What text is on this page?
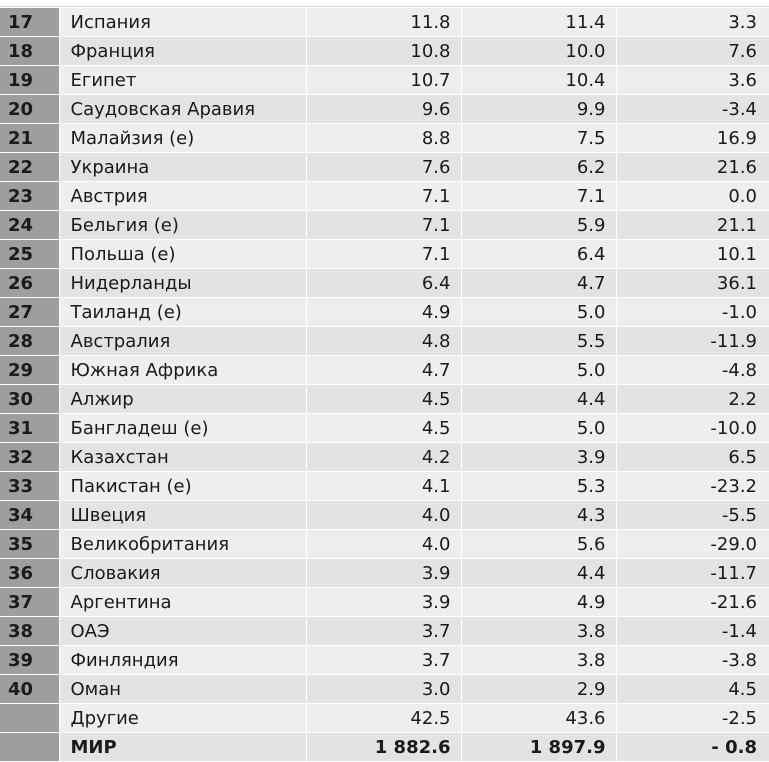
17	Испания	11.8	11.4	3.3
18	Франция	10.8	10.0	7.6
19	Египет	10.7	10.4	3.6
20	Саудовская Аравия	9.6	9.9	-3.4
21	Малайзия (е)	8.8	7.5	16.9
22	Украина	7.6	6.2	21.6
23	Австрия	7.1	7.1	0.0
24	Бельгия (е)	7.1	5.9	21.1
25	Польша (е)	7.1	6.4	10.1
26	Нидерланды	6.4	4.7	36.1
27	Таиланд (е)	4.9	5.0	-1.0
28	Австралия	4.8	5.5	-11.9
29	Южная Африка	4.7	5.0	-4.8
30	Алжир	4.5	4.4	2.2
31	Бангладеш (е)	4.5	5.0	-10.0
32	Казахстан	4.2	3.9	6.5
33	Пакистан (е)	4.1	5.3	-23.2
34	Швеция	4.0	4.3	-5.5
35	Великобритания	4.0	5.6	-29.0
36	Словакия	3.9	4.4	-11.7
37	Аргентина	3.9	4.9	-21.6
38	ОАЭ	3.7	3.8	-1.4
39	Финляндия	3.7	3.8	-3.8
40	Оман	3.0	2.9	4.5
	Другие	42.5	43.6	-2.5
	МИР	1 882.6	1 897.9	- 0.8
